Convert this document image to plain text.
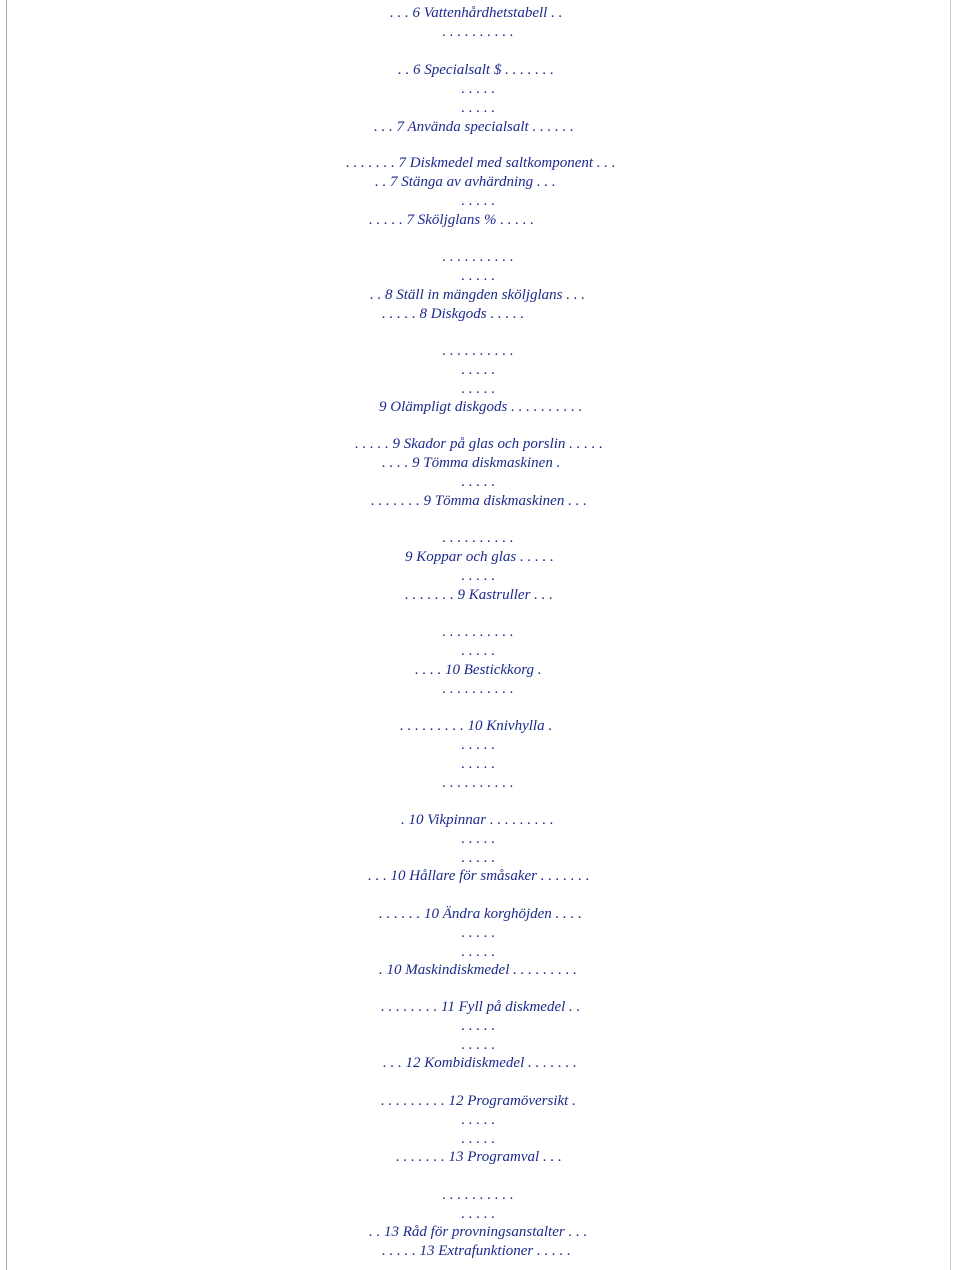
. . . 6 Vattenhårdhetstabell . .
. . . . . . . . . .
. . 6 Specialsalt $ . . . . . . .
. . . . .
. . . . .
. . . 7 Använda specialsalt . . . . . .
. . . . . . . 7 Diskmedel med saltkomponent . . .
. . 7 Stänga av avhärdning . . .
. . . . .
. . . . . 7 Sköljglans % . . . . .
. . . . . . . . . .
. . . . .
. . 8 Ställ in mängden sköljglans . . .
. . . . . 8 Diskgods . . . . .
. . . . . . . . . .
. . . . .
. . . . .
9 Olämpligt diskgods . . . . . . . . . .
. . . . . 9 Skador på glas och porslin . . . . .
. . . . 9 Tömma diskmaskinen .
. . . . .
. . . . . . . 9 Tömma diskmaskinen . . .
. . . . . . . . . .
9 Koppar och glas . . . . .
. . . . .
. . . . . . . 9 Kastruller . . .
. . . . . . . . . .
. . . . .
. . . . 10 Bestickkorg .
. . . . . . . . . .
. . . . . . . . . 10 Knivhylla .
. . . . .
. . . . .
. . . . . . . . . .
. 10 Vikpinnar . . . . . . . . .
. . . . .
. . . . .
. . . 10 Hållare för småsaker . . . . . . .
. . . . . . 10 Ändra korghöjden . . . .
. . . . .
. . . . .
. 10 Maskindiskmedel . . . . . . . . .
. . . . . . . . 11 Fyll på diskmedel . .
. . . . .
. . . . .
. . . 12 Kombidiskmedel . . . . . . .
. . . . . . . . . 12 Programöversikt .
. . . . .
. . . . .
. . . . . . . 13 Programval . . .
. . . . . . . . . .
. . . . .
. . 13 Råd för provningsanstalter . . .
. . . . . 13 Extrafunktioner . . . . .
